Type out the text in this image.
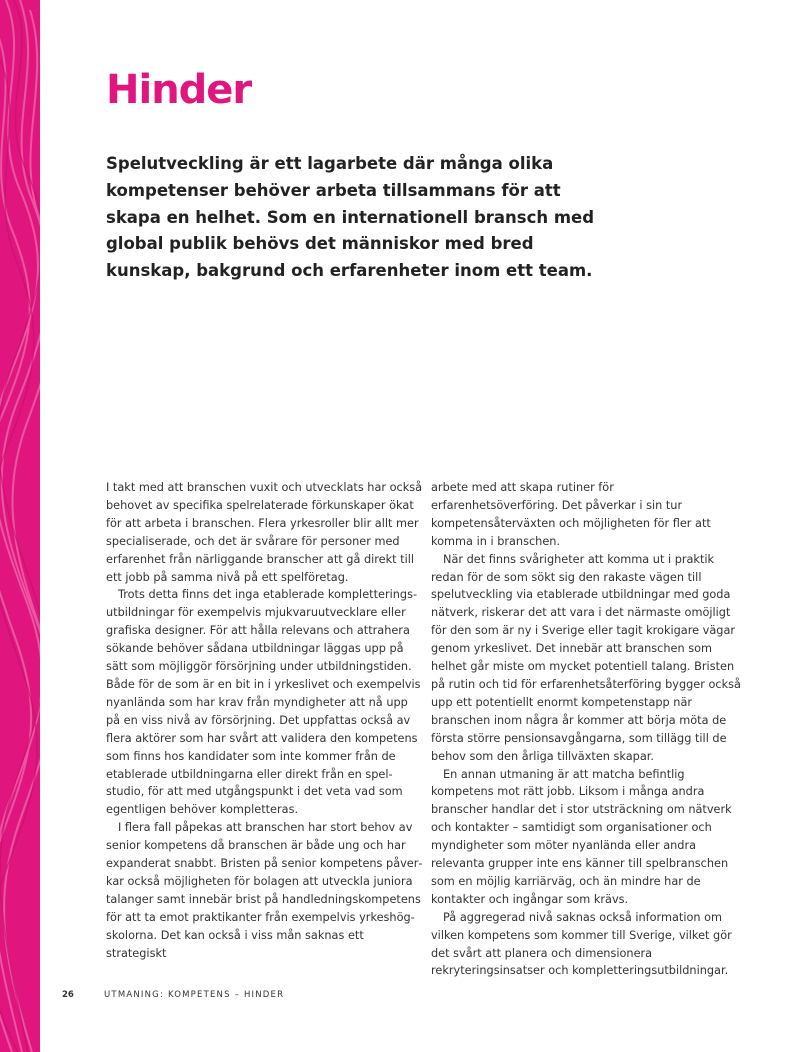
Hinder

Spelutveckling är ett lagarbete där många olika kompetenser behöver arbeta tillsammans för att skapa en helhet. Som en internationell bransch med global publik behövs det människor med bred kunskap, bakgrund och erfarenheter inom ett team.

I takt med att branschen vuxit och utvecklats har också behovet av specifika spelrelaterade förkunskaper ökat för att arbeta i branschen. Flera yrkesroller blir allt mer specialiserade, och det är svårare för personer med erfarenhet från närliggande branscher att gå direkt till ett jobb på samma nivå på ett spelföretag.

Trots detta finns det inga etablerade kompletteringsutbildningar för exempelvis mjukvaruutvecklare eller grafiska designer. För att hålla relevans och attrahera sökande behöver sådana utbildningar läggas upp på sätt som möjliggör försörjning under utbildningstiden. Både för de som är en bit in i yrkeslivet och exempelvis nyanlända som har krav från myndigheter att nå upp på en viss nivå av försörjning. Det uppfattas också av flera aktörer som har svårt att validera den kompetens som finns hos kandidater som inte kommer från de etablerade utbildningarna eller direkt från en spelstudio, för att med utgångspunkt i det veta vad som egentligen behöver kompletteras.

I flera fall påpekas att branschen har stort behov av senior kompetens då branschen är både ung och har expanderat snabbt. Bristen på senior kompetens påverkar också möjligheten för bolagen att utveckla juniora talanger samt innebär brist på handledningskompetens för att ta emot praktikanter från exempelvis yrkeshögskolorna. Det kan också i viss mån saknas ett strategiskt

arbete med att skapa rutiner för erfarenhetsöverföring. Det påverkar i sin tur kompetensåterväxten och möjligheten för fler att komma in i branschen.

När det finns svårigheter att komma ut i praktik redan för de som sökt sig den rakaste vägen till spelutveckling via etablerade utbildningar med goda nätverk, riskerar det att vara i det närmaste omöjligt för den som är ny i Sverige eller tagit krokigare vägar genom yrkeslivet. Det innebär att branschen som helhet går miste om mycket potentiell talang. Bristen på rutin och tid för erfarenhetsåterföring bygger också upp ett potentiellt enormt kompetenstapp när branschen inom några år kommer att börja möta de första större pensionsavgångarna, som tillägg till de behov som den årliga tillväxten skapar.

En annan utmaning är att matcha befintlig kompetens mot rätt jobb. Liksom i många andra branscher handlar det i stor utsträckning om nätverk och kontakter – samtidigt som organisationer och myndigheter som möter nyanlända eller andra relevanta grupper inte ens känner till spelbranschen som en möjlig karriärväg, och än mindre har de kontakter och ingångar som krävs.

På aggregerad nivå saknas också information om vilken kompetens som kommer till Sverige, vilket gör det svårt att planera och dimensionera rekryteringsinsatser och kompletteringsutbildningar.

26	UTMANING: KOMPETENS – HINDER
